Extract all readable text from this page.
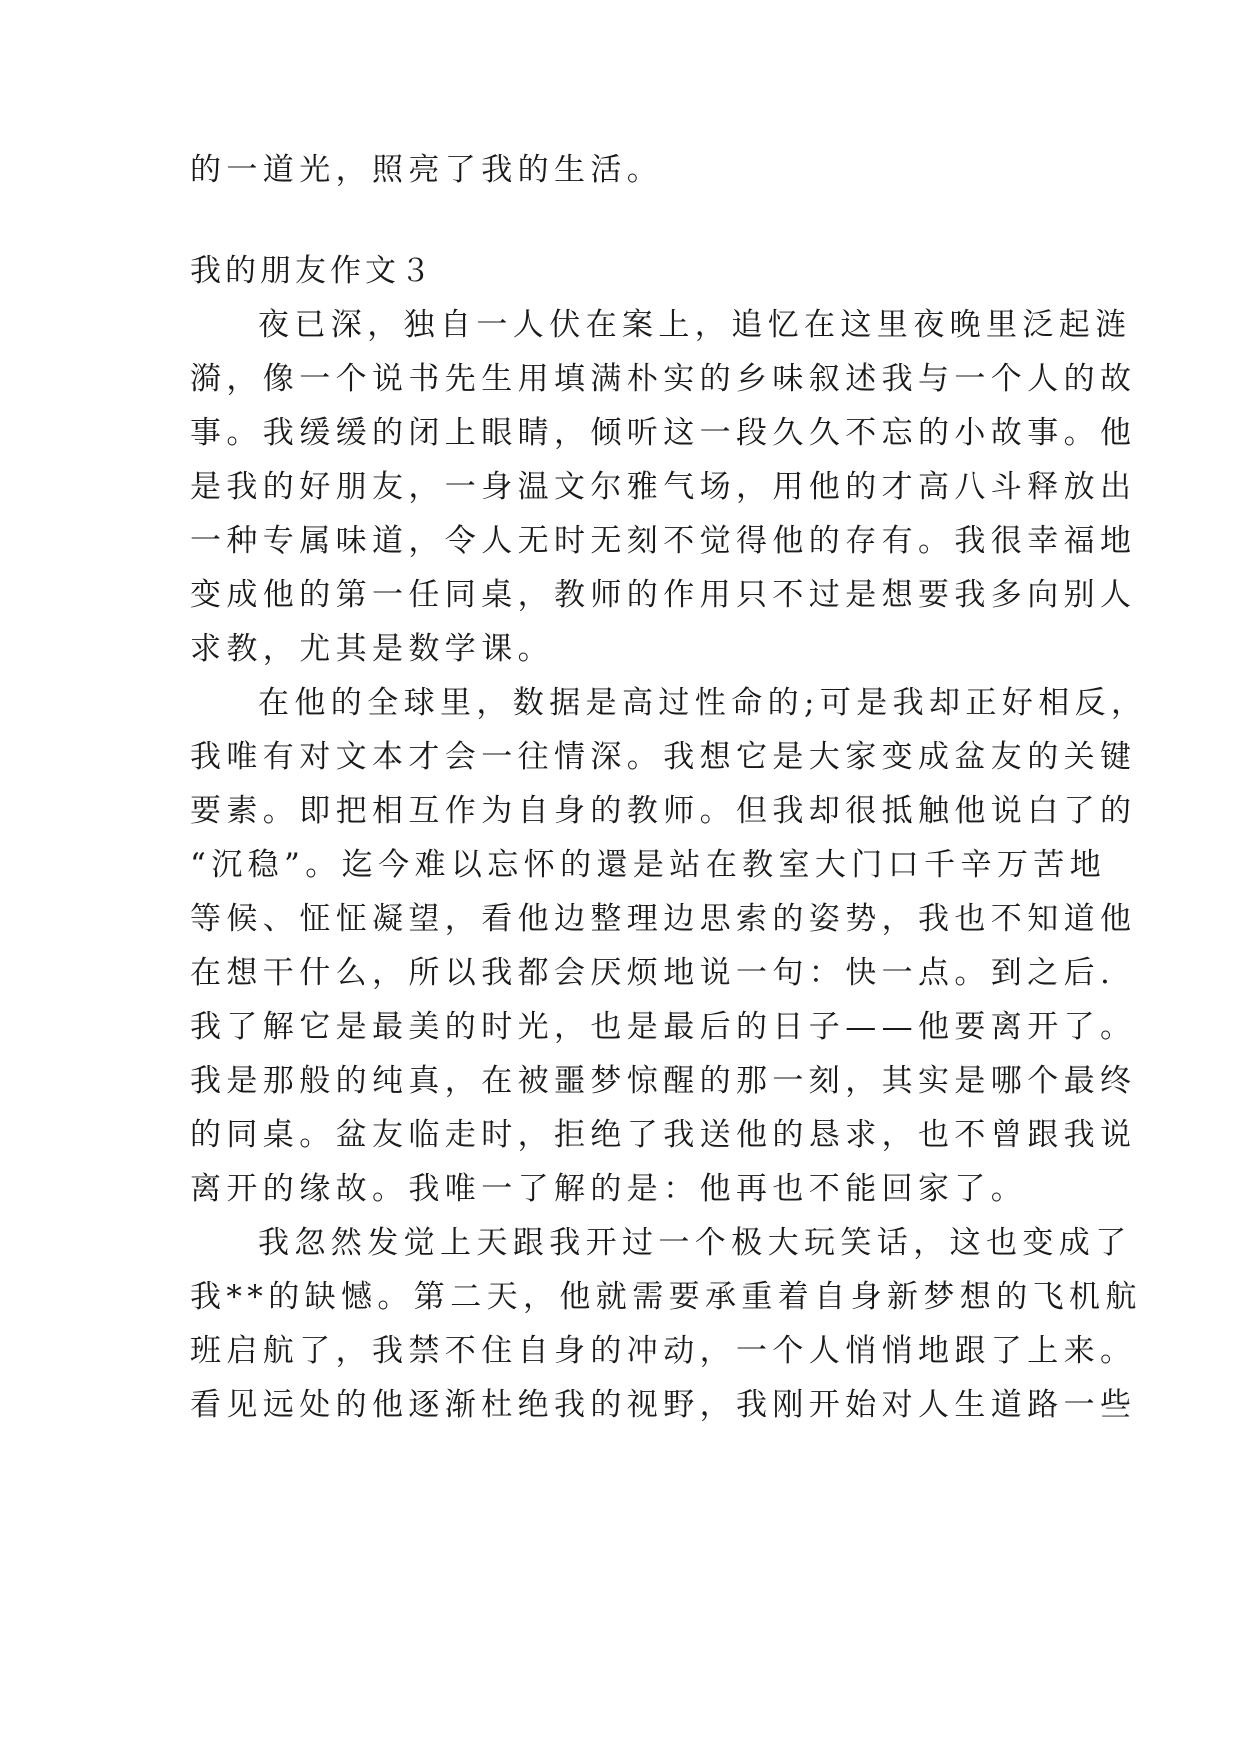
的一道光，照亮了我的生活。

我的朋友作文３

夜已深，独自一人伏在案上，追忆在这里夜晚里泛起涟

漪，像一个说书先生用填满朴实的乡味叙述我与一个人的故

事。我缓缓的闭上眼睛，倾听这一段久久不忘的小故事。他

是我的好朋友，一身温文尔雅气场，用他的才高八斗释放出

一种专属味道，令人无时无刻不觉得他的存有。我很幸福地

变成他的第一任同桌，教师的作用只不过是想要我多向别人

求教，尤其是数学课。

在他的全球里，数据是高过性命的;可是我却正好相反，

我唯有对文本才会一往情深。我想它是大家变成盆友的关键

要素。即把相互作为自身的教师。但我却很抵触他说白了的

“沉稳”。迄今难以忘怀的還是站在教室大门口千辛万苦地

等候、怔怔凝望，看他边整理边思索的姿势，我也不知道他

在想干什么，所以我都会厌烦地说一句：快一点。到之后.

我了解它是最美的时光，也是最后的日子——他要离开了。

我是那般的纯真，在被噩梦惊醒的那一刻，其实是哪个最终

的同桌。盆友临走时，拒绝了我送他的恳求，也不曾跟我说

离开的缘故。我唯一了解的是：他再也不能回家了。

我忽然发觉上天跟我开过一个极大玩笑话，这也变成了

我**的缺憾。第二天，他就需要承重着自身新梦想的飞机航

班启航了，我禁不住自身的冲动，一个人悄悄地跟了上来。

看见远处的他逐渐杜绝我的视野，我刚开始对人生道路一些
